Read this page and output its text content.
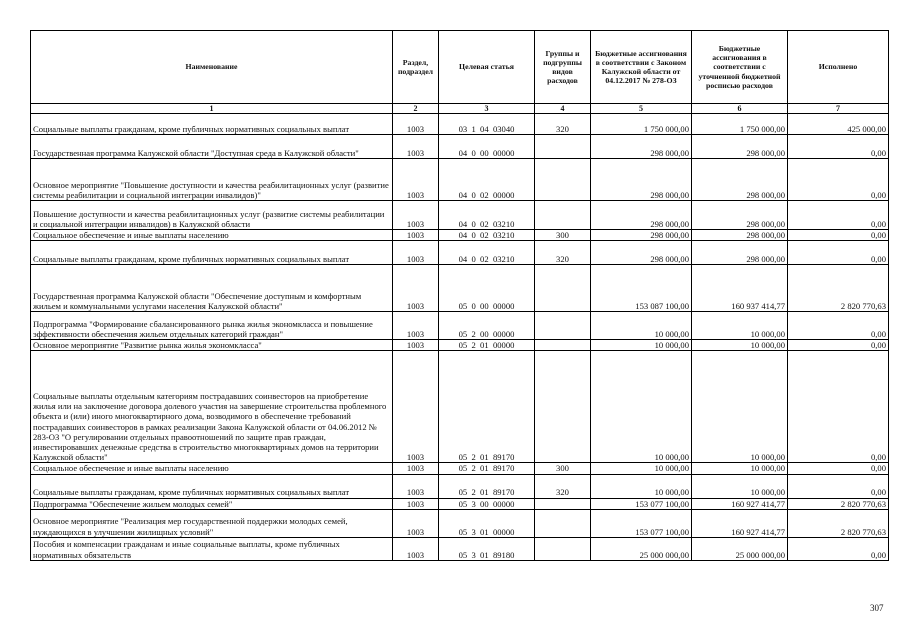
Наименование	Раздел, подраздел	Целевая статья	Группы и подгруппы видов расходов	Бюджетные ассигнования в соответствии с Законом Калужской области от 04.12.2017 № 278-ОЗ	Бюджетные ассигнования в соответствии с уточненной бюджетной росписью расходов	Исполнено
1	2	3	4	5	6	7
Социальные выплаты гражданам, кроме публичных нормативных социальных выплат	1003	03  1  04  03040	320	1 750 000,00	1 750 000,00	425 000,00
Государственная программа Калужской области "Доступная среда в Калужской области"	1003	04  0  00  00000		298 000,00	298 000,00	0,00
Основное мероприятие "Повышение доступности и качества реабилитационных услуг (развитие системы реабилитации и социальной интеграции инвалидов)"	1003	04  0  02  00000		298 000,00	298 000,00	0,00
Повышение доступности и качества реабилитационных услуг (развитие системы реабилитации и социальной интеграции инвалидов) в Калужской области	1003	04  0  02  03210		298 000,00	298 000,00	0,00
Социальное обеспечение и иные выплаты населению	1003	04  0  02  03210	300	298 000,00	298 000,00	0,00
Социальные выплаты гражданам, кроме публичных нормативных социальных выплат	1003	04  0  02  03210	320	298 000,00	298 000,00	0,00
Государственная программа Калужской области "Обеспечение доступным и комфортным жильем и коммунальными услугами населения Калужской области"	1003	05  0  00  00000		153 087 100,00	160 937 414,77	2 820 770,63
Подпрограмма "Формирование сбалансированного рынка жилья экономкласса и повышение эффективности обеспечения жильем отдельных категорий граждан"	1003	05  2  00  00000		10 000,00	10 000,00	0,00
Основное мероприятие "Развитие рынка жилья экономкласса"	1003	05  2  01  00000		10 000,00	10 000,00	0,00
Социальные выплаты отдельным категориям пострадавших соинвесторов на приобретение жилья или на заключение договора долевого участия на завершение строительства проблемного объекта и (или) иного многоквартирного дома, возводимого в обеспечение требований пострадавших соинвесторов в рамках реализации Закона Калужской области от 04.06.2012 № 283-ОЗ "О регулировании отдельных правоотношений по защите прав граждан, инвестировавших денежные средства в строительство многоквартирных домов на территории Калужской области"	1003	05  2  01  89170		10 000,00	10 000,00	0,00
Социальное обеспечение и иные выплаты населению	1003	05  2  01  89170	300	10 000,00	10 000,00	0,00
Социальные выплаты гражданам, кроме публичных нормативных социальных выплат	1003	05  2  01  89170	320	10 000,00	10 000,00	0,00
Подпрограмма "Обеспечение жильем молодых семей"	1003	05  3  00  00000		153 077 100,00	160 927 414,77	2 820 770,63
Основное мероприятие "Реализация мер государственной поддержки молодых семей, нуждающихся в улучшении жилищных условий"	1003	05  3  01  00000		153 077 100,00	160 927 414,77	2 820 770,63
Пособия и компенсации гражданам и иные социальные выплаты, кроме публичных нормативных обязательств	1003	05  3  01  89180		25 000 000,00	25 000 000,00	0,00
307
